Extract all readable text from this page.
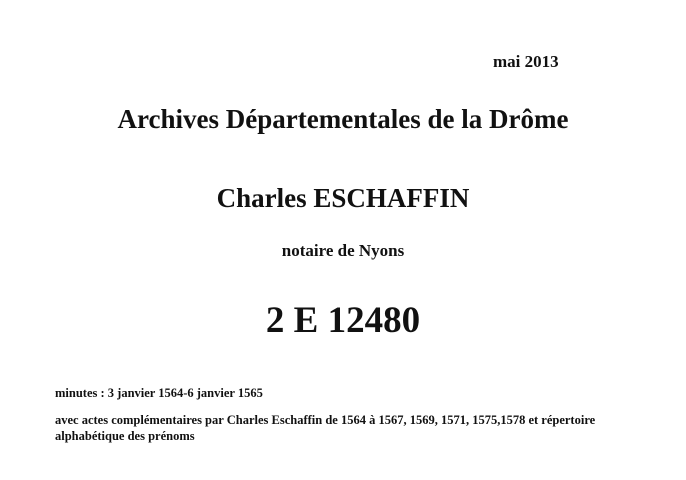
mai 2013
Archives Départementales de la Drôme
Charles ESCHAFFIN
notaire de Nyons
2 E 12480
minutes : 3 janvier 1564-6 janvier 1565
avec actes complémentaires par Charles Eschaffin de 1564 à 1567, 1569, 1571, 1575,1578 et répertoire alphabétique des prénoms
